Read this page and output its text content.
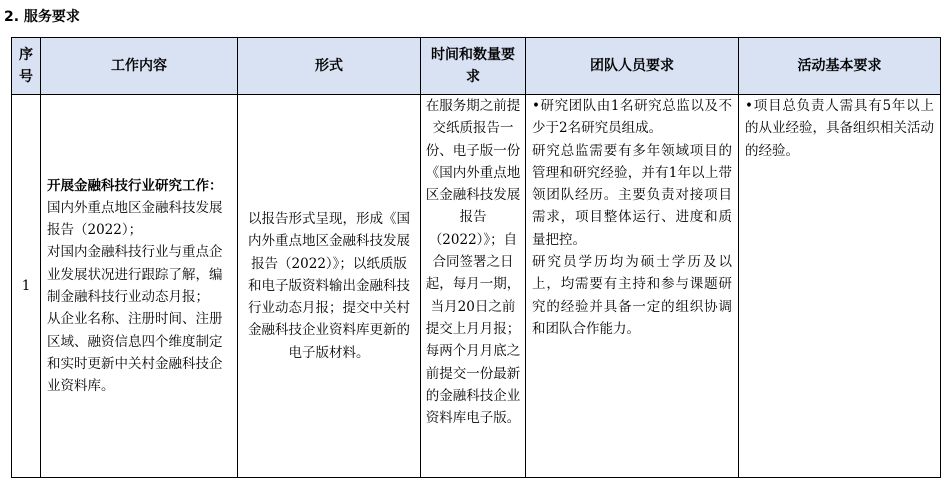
2. 服务要求
序号	工作内容	形式	时间和数量要求	团队人员要求	活动基本要求
1	开展金融科技行业研究工作：
国内外重点地区金融科技发展报告（2022）；
对国内金融科技行业与重点企业发展状况进行跟踪了解，编制金融科技行业动态月报；
从企业名称、注册时间、注册区域、融资信息四个维度制定和实时更新中关村金融科技企业资料库。	以报告形式呈现，形成《国内外重点地区金融科技发展报告（2022）》；以纸质版和电子版资料输出金融科技行业动态月报；提交中关村金融科技企业资料库更新的电子版材料。	在服务期之前提交纸质报告一份、电子版一份《国内外重点地区金融科技发展报告（2022）》；自合同签署之日起，每月一期，当月20日之前提交上月月报；每两个月月底之前提交一份最新的金融科技企业资料库电子版。	•研究团队由1名研究总监以及不少于2名研究员组成。
研究总监需要有多年领域项目的管理和研究经验，并有1年以上带领团队经历。主要负责对接项目需求，项目整体运行、进度和质量把控。
研究员学历均为硕士学历及以上，均需要有主持和参与课题研究的经验并具备一定的组织协调和团队合作能力。	•项目总负责人需具有5年以上的从业经验，具备组织相关活动的经验。
